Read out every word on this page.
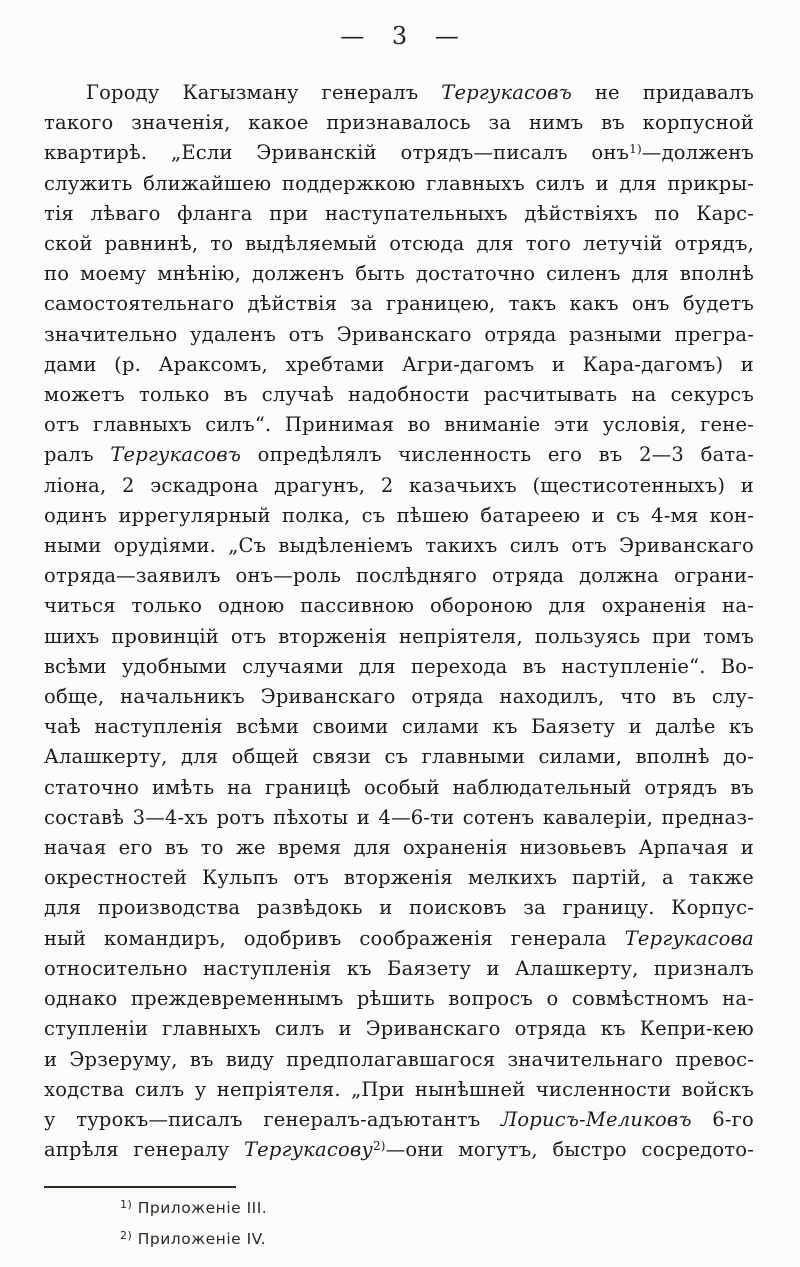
— 3 —
Городу Кагызману генералъ Тергукасовъ не придавалъ
такого значенія, какое признавалось за нимъ въ корпусной
квартирѣ. „Если Эриванскій отрядъ—писалъ онъ$^{1)}$—долженъ
служить ближайшею поддержкою главныхъ силъ и для прикры-
тія лѣваго фланга при наступательныхъ дѣйствіяхъ по Карс-
ской равнинѣ, то выдѣляемый отсюда для того летучій отрядъ,
по моему мнѣнію, долженъ быть достаточно силенъ для вполнѣ
самостоятельнаго дѣйствія за границею, такъ какъ онъ будетъ
значительно удаленъ отъ Эриванскаго отряда разными прегра-
дами (р. Араксомъ, хребтами Агри-дагомъ и Кара-дагомъ) и
можетъ только въ случаѣ надобности расчитывать на секурсъ
отъ главныхъ силъ“. Принимая во вниманіе эти условія, гене-
ралъ Тергукасовъ опредѣлялъ численность его въ 2—3 бата-
ліона, 2 эскадрона драгунъ, 2 казачьихъ (щестисотенныхъ) и
одинъ иррегулярный полка, съ пѣшею батареею и съ 4-мя кон-
ными орудіями. „Съ выдѣленіемъ такихъ силъ отъ Эриванскаго
отряда—заявилъ онъ—роль послѣдняго отряда должна ограни-
читься только одною пассивною обороною для охраненія на-
шихъ провинцій отъ вторженія непріятеля, пользуясь при томъ
всѣми удобными случаями для перехода въ наступленіе“. Во-
обще, начальникъ Эриванскаго отряда находилъ, что въ слу-
чаѣ наступленія всѣми своими силами къ Баязету и далѣе къ
Алашкерту, для общей связи съ главными силами, вполнѣ до-
статочно имѣть на границѣ особый наблюдательный отрядъ въ
составѣ 3—4-хъ ротъ пѣхоты и 4—6-ти сотенъ кавалеріи, предназ-
начая его въ то же время для охраненія низовьевъ Арпачая и
окрестностей Кульпъ отъ вторженія мелкихъ партій, а также
для производства развѣдокь и поисковъ за границу. Корпус-
ный командиръ, одобривъ соображенія генерала Тергукасова
относительно наступленія къ Баязету и Алашкерту, призналъ
однако преждевременнымъ рѣшить вопросъ о совмѣстномъ на-
ступленіи главныхъ силъ и Эриванскаго отряда къ Кепри-кею
и Эрзеруму, въ виду предполагавшагося значительнаго превос-
ходства силъ у непріятеля. „При нынѣшней численности войскъ
у турокъ—писалъ генералъ-адъютантъ Лорисъ-Меликовъ 6-го
апрѣля генералу Тергукасову$^{2)}$—они могутъ, быстро сосредото-
$^{1)}$ Приложеніе III.
$^{2)}$ Приложеніе IV.
